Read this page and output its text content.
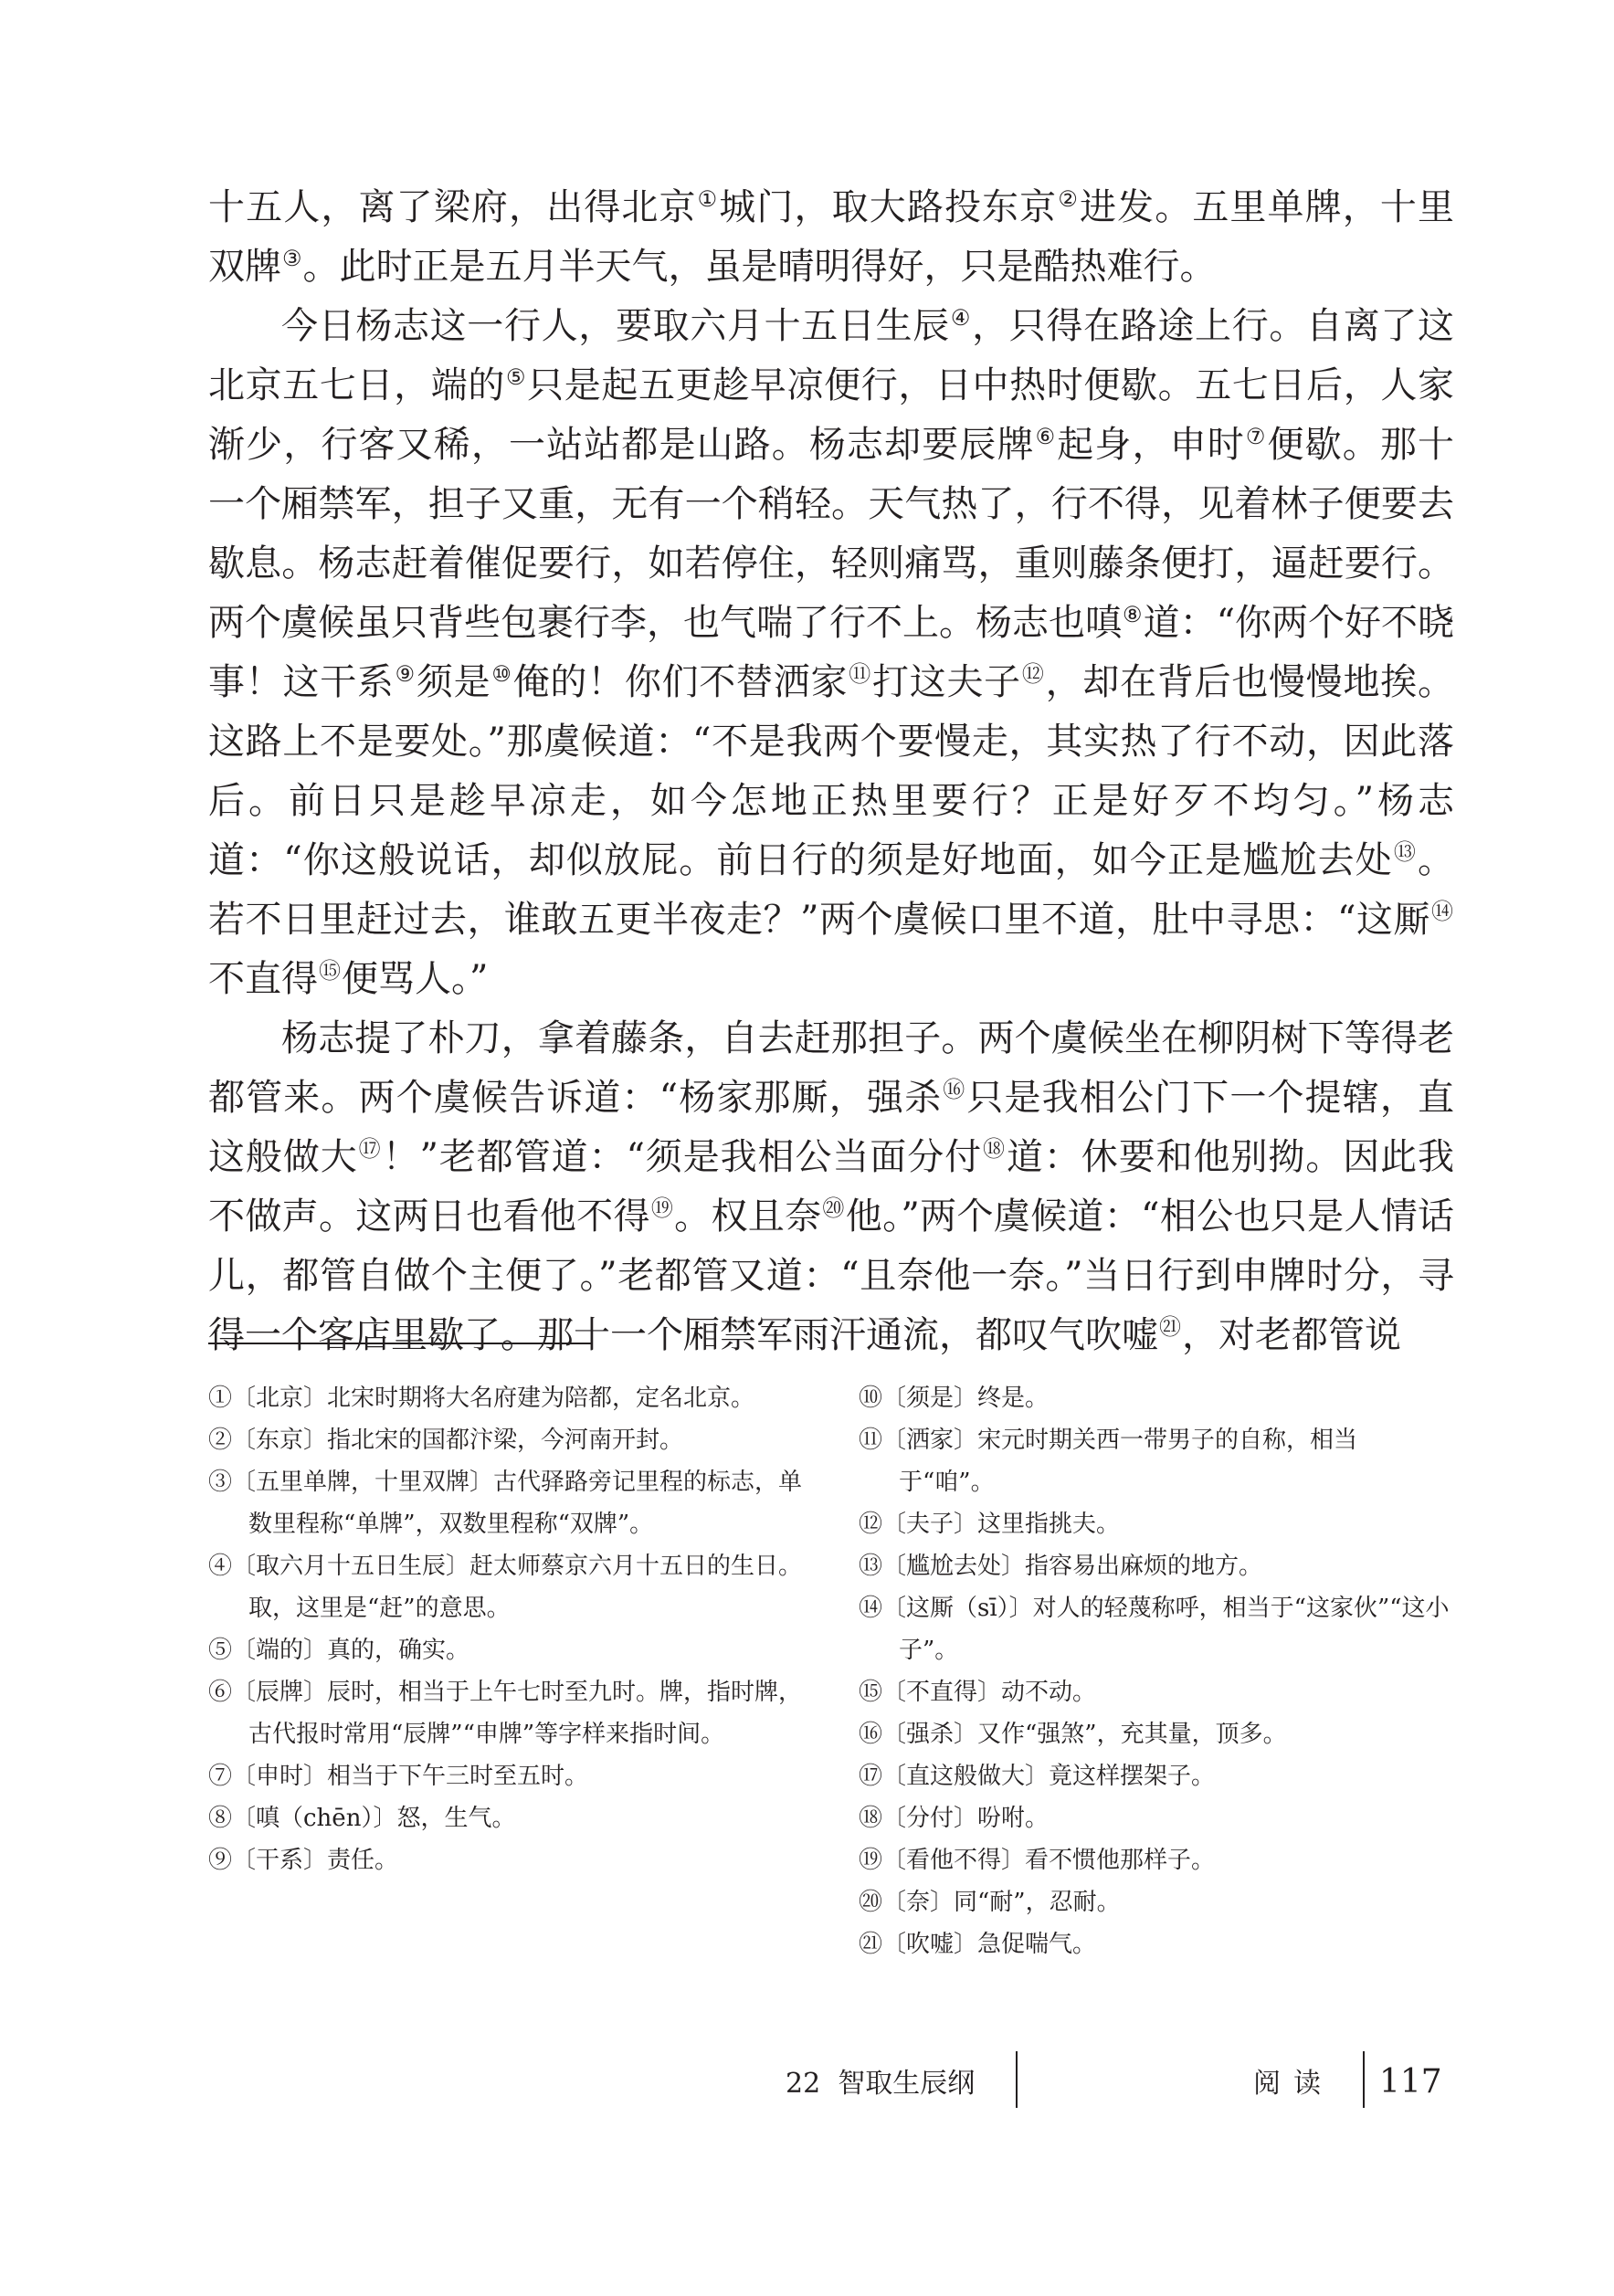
十五人，离了梁府，出得北京①城门，取大路投东京②进发。五里单牌，十里双牌③。此时正是五月半天气，虽是晴明得好，只是酷热难行。

今日杨志这一行人，要取六月十五日生辰④，只得在路途上行。自离了这北京五七日，端的⑤只是起五更趁早凉便行，日中热时便歇。五七日后，人家渐少，行客又稀，一站站都是山路。杨志却要辰牌⑥起身，申时⑦便歇。那十一个厢禁军，担子又重，无有一个稍轻。天气热了，行不得，见着林子便要去歇息。杨志赶着催促要行，如若停住，轻则痛骂，重则藤条便打，逼赶要行。两个虞候虽只背些包裹行李，也气喘了行不上。杨志也嗔⑧道：“你两个好不晓事！这干系⑨须是⑩俺的！你们不替洒家⑪打这夫子⑫，却在背后也慢慢地挨。这路上不是要处。”那虞候道：“不是我两个要慢走，其实热了行不动，因此落后。前日只是趁早凉走，如今怎地正热里要行？正是好歹不均匀。”杨志道：“你这般说话，却似放屁。前日行的须是好地面，如今正是尴尬去处⑬。若不日里赶过去，谁敢五更半夜走？”两个虞候口里不道，肚中寻思：“这厮⑭不直得⑮便骂人。”

杨志提了朴刀，拿着藤条，自去赶那担子。两个虞候坐在柳阴树下等得老都管来。两个虞候告诉道：“杨家那厮，强杀⑯只是我相公门下一个提辖，直这般做大⑰！”老都管道：“须是我相公当面分付⑱道：休要和他别拗。因此我不做声。这两日也看他不得⑲。权且奈⑳他。”两个虞候道：“相公也只是人情话儿，都管自做个主便了。”老都管又道：“且奈他一奈。”当日行到申牌时分，寻得一个客店里歇了。那十一个厢禁军雨汗通流，都叹气吹嘘$^㉑$，对老都管说

①〔北京〕北宋时期将大名府建为陪都，定名北京。

②〔东京〕指北宋的国都汴梁，今河南开封。

③〔五里单牌，十里双牌〕古代驿路旁记里程的标志，单数里程称“单牌”，双数里程称“双牌”。

④〔取六月十五日生辰〕赶太师蔡京六月十五日的生日。取，这里是“赶”的意思。

⑤〔端的〕真的，确实。

⑥〔辰牌〕辰时，相当于上午七时至九时。牌，指时牌，古代报时常用“辰牌”“申牌”等字样来指时间。

⑦〔申时〕相当于下午三时至五时。

⑧〔嗔（chēn）〕怒，生气。

⑨〔干系〕责任。

⑩〔须是〕终是。

⑪〔洒家〕宋元时期关西一带男子的自称，相当于“咱”。

⑫〔夫子〕这里指挑夫。

⑬〔尴尬去处〕指容易出麻烦的地方。

⑭〔这厮（sī）〕对人的轻蔑称呼，相当于“这家伙”“这小子”。

⑮〔不直得〕动不动。

⑯〔强杀〕又作“强煞”，充其量，顶多。

⑰〔直这般做大〕竟这样摆架子。

⑱〔分付〕吩咐。

⑲〔看他不得〕看不惯他那样子。

⑳〔奈〕同“耐”，忍耐。

㉑〔吹嘘〕急促喘气。

22  智取生辰纲	阅读 117
